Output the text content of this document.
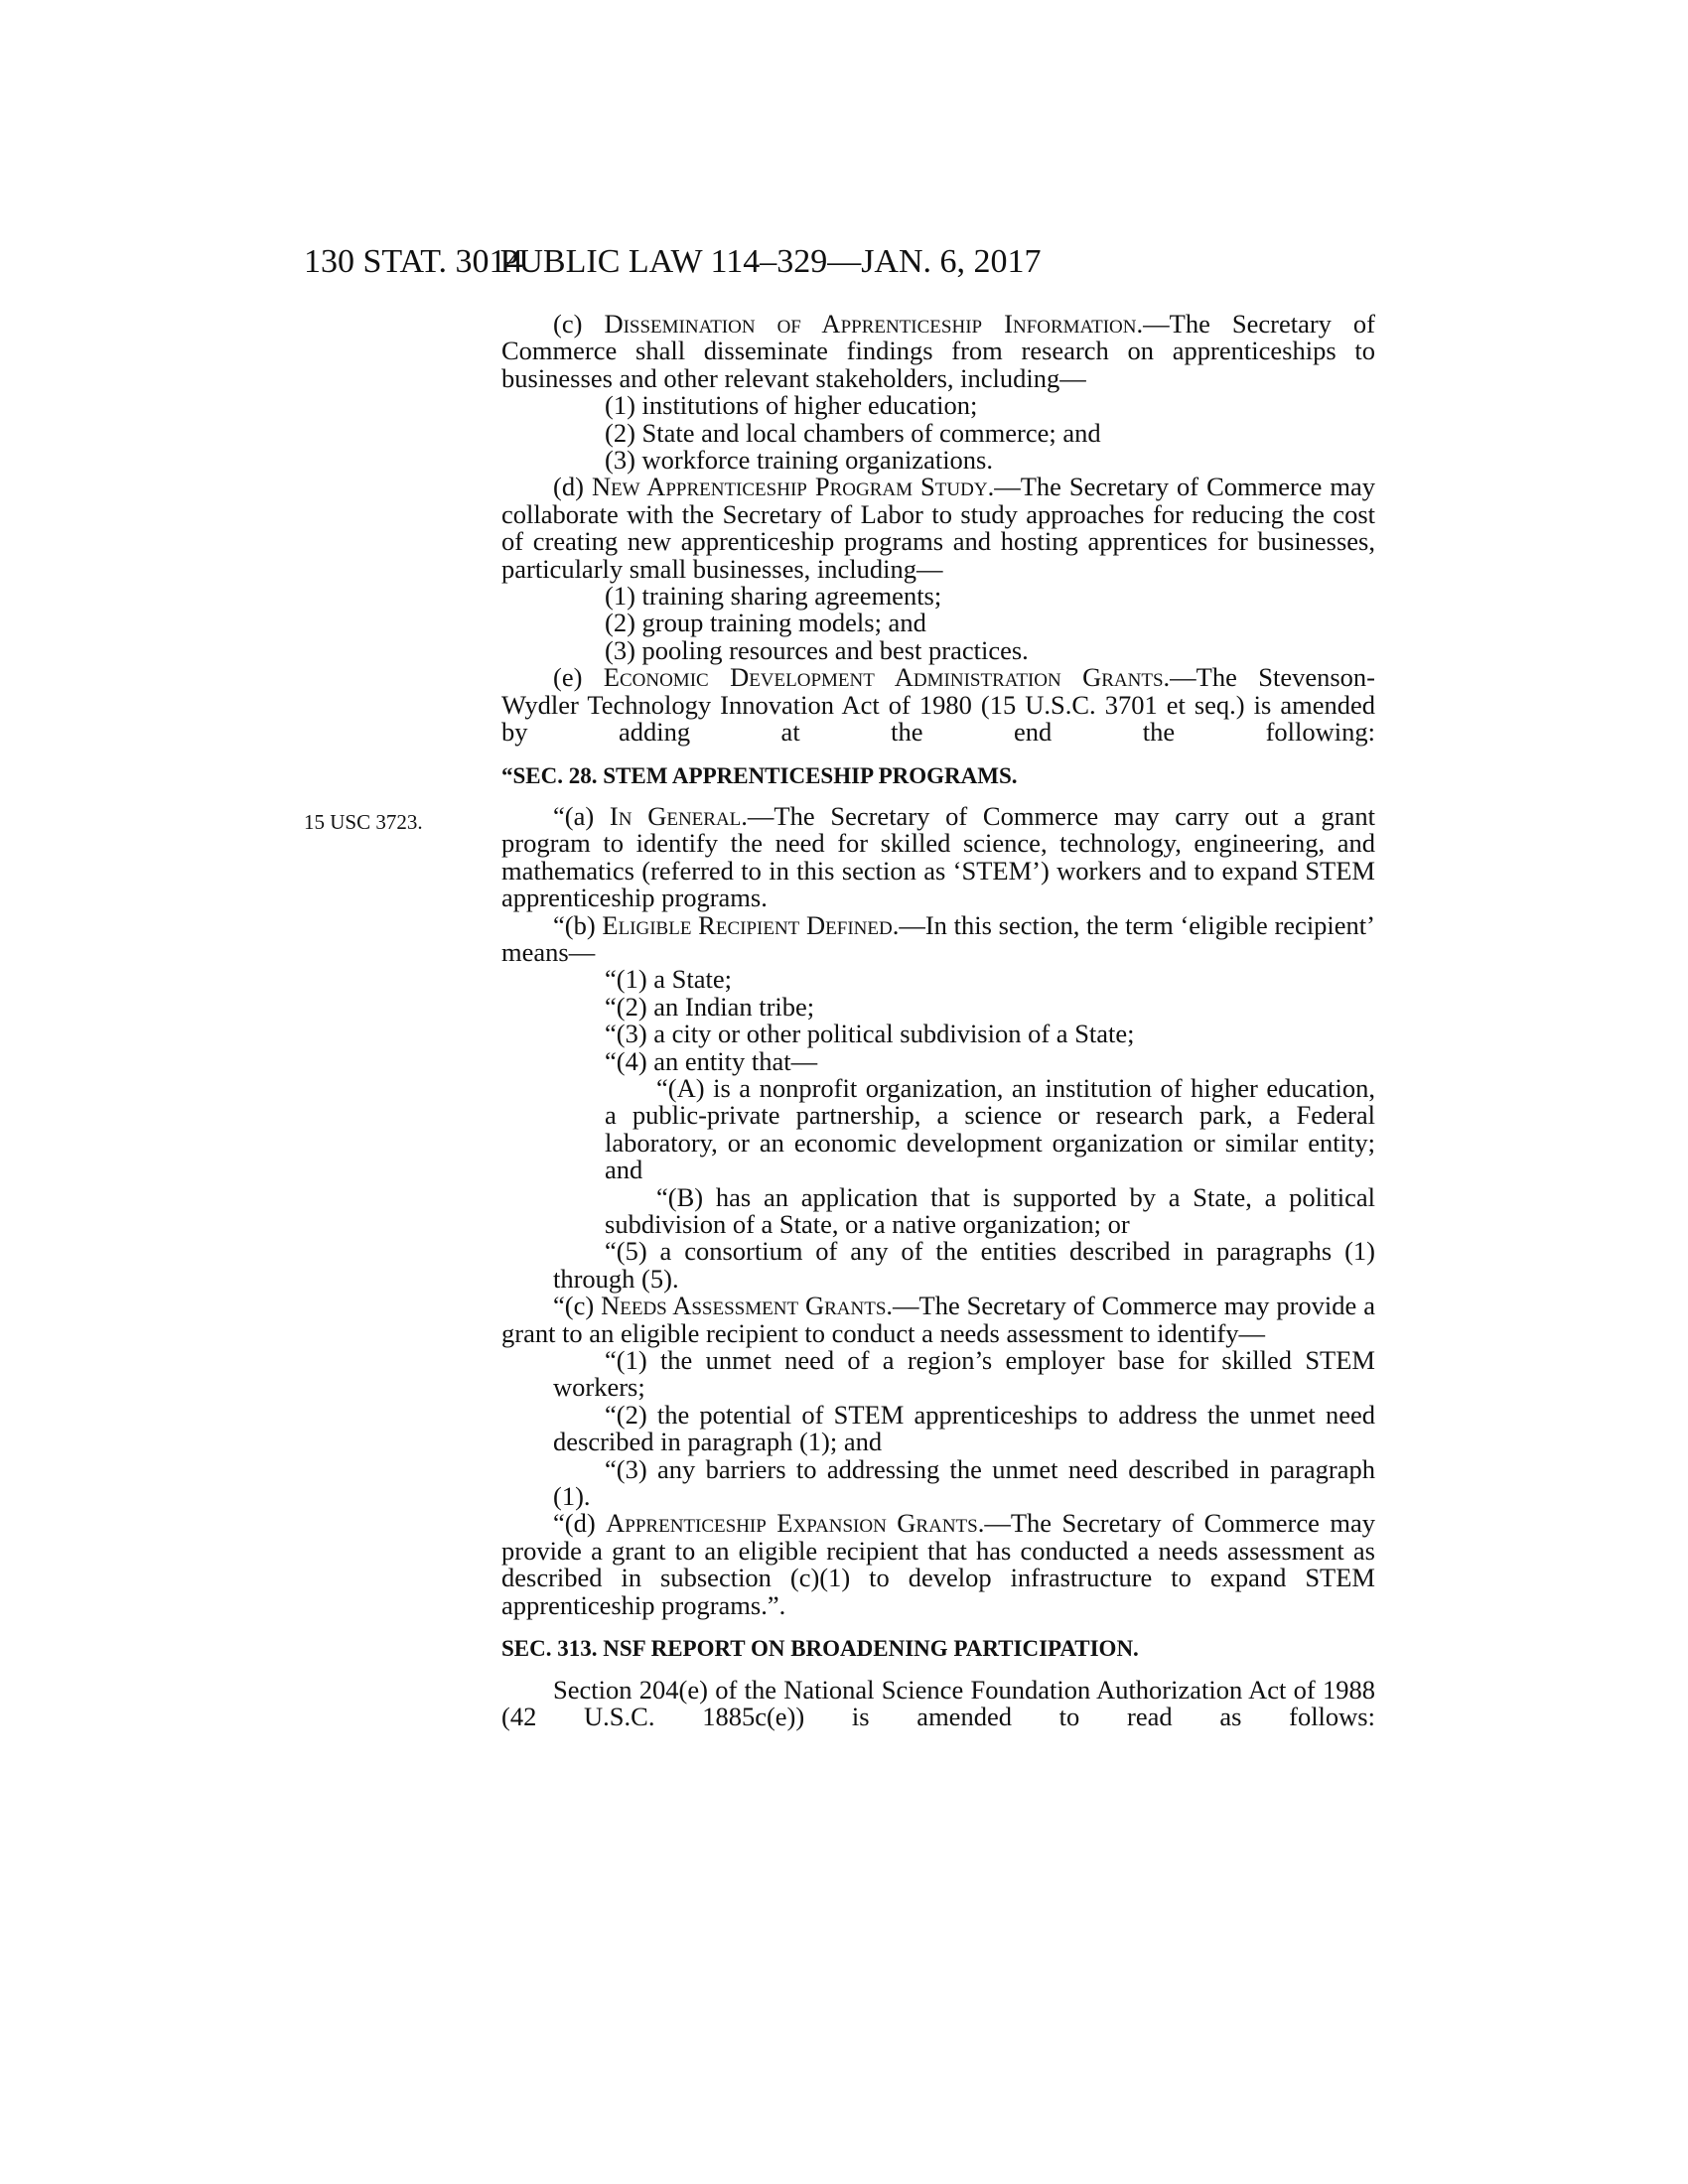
130 STAT. 3014
PUBLIC LAW 114–329—JAN. 6, 2017
15 USC 3723.

(c) Dissemination of Apprenticeship Information.—The Secretary of Commerce shall disseminate findings from research on apprenticeships to businesses and other relevant stakeholders, including—

(1) institutions of higher education;

(2) State and local chambers of commerce; and

(3) workforce training organizations.

(d) New Apprenticeship Program Study.—The Secretary of Commerce may collaborate with the Secretary of Labor to study approaches for reducing the cost of creating new apprenticeship programs and hosting apprentices for businesses, particularly small businesses, including—

(1) training sharing agreements;

(2) group training models; and

(3) pooling resources and best practices.

(e) Economic Development Administration Grants.—The Stevenson-Wydler Technology Innovation Act of 1980 (15 U.S.C. 3701 et seq.) is amended by adding at the end the following:

“SEC. 28. STEM APPRENTICESHIP PROGRAMS.

“(a) In General.—The Secretary of Commerce may carry out a grant program to identify the need for skilled science, technology, engineering, and mathematics (referred to in this section as ‘STEM’) workers and to expand STEM apprenticeship programs.

“(b) Eligible Recipient Defined.—In this section, the term ‘eligible recipient’ means—

“(1) a State;

“(2) an Indian tribe;

“(3) a city or other political subdivision of a State;

“(4) an entity that—

“(A) is a nonprofit organization, an institution of higher education, a public-private partnership, a science or research park, a Federal laboratory, or an economic development organization or similar entity; and

“(B) has an application that is supported by a State, a political subdivision of a State, or a native organization; or

“(5) a consortium of any of the entities described in paragraphs (1) through (5).

“(c) Needs Assessment Grants.—The Secretary of Commerce may provide a grant to an eligible recipient to conduct a needs assessment to identify—

“(1) the unmet need of a region’s employer base for skilled STEM workers;

“(2) the potential of STEM apprenticeships to address the unmet need described in paragraph (1); and

“(3) any barriers to addressing the unmet need described in paragraph (1).

“(d) Apprenticeship Expansion Grants.—The Secretary of Commerce may provide a grant to an eligible recipient that has conducted a needs assessment as described in subsection (c)(1) to develop infrastructure to expand STEM apprenticeship programs.”.

SEC. 313. NSF REPORT ON BROADENING PARTICIPATION.

Section 204(e) of the National Science Foundation Authorization Act of 1988 (42 U.S.C. 1885c(e)) is amended to read as follows:
